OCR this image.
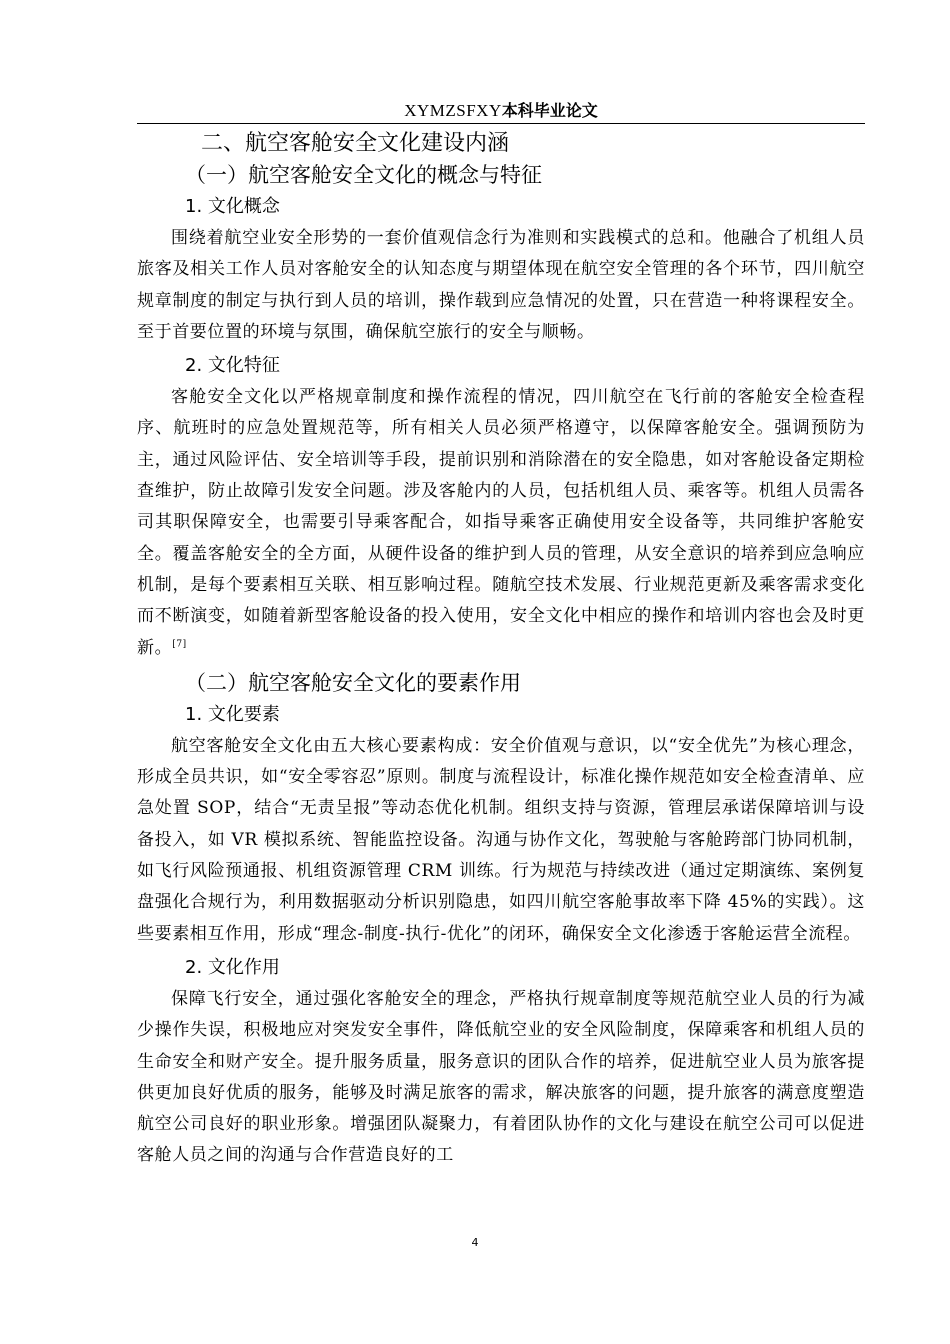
XYMZSFXY本科毕业论文
二、航空客舱安全文化建设内涵
（一）航空客舱安全文化的概念与特征
1. 文化概念

围绕着航空业安全形势的一套价值观信念行为准则和实践模式的总和。他融合了机组人员旅客及相关工作人员对客舱安全的认知态度与期望体现在航空安全管理的各个环节，四川航空规章制度的制定与执行到人员的培训，操作载到应急情况的处置，只在营造一种将课程安全。至于首要位置的环境与氛围，确保航空旅行的安全与顺畅。

2. 文化特征

客舱安全文化以严格规章制度和操作流程的情况，四川航空在飞行前的客舱安全检查程序、航班时的应急处置规范等，所有相关人员必须严格遵守，以保障客舱安全。强调预防为主，通过风险评估、安全培训等手段，提前识别和消除潜在的安全隐患，如对客舱设备定期检查维护，防止故障引发安全问题。涉及客舱内的人员，包括机组人员、乘客等。机组人员需各司其职保障安全，也需要引导乘客配合，如指导乘客正确使用安全设备等，共同维护客舱安全。覆盖客舱安全的全方面，从硬件设备的维护到人员的管理，从安全意识的培养到应急响应机制，是每个要素相互关联、相互影响过程。随航空技术发展、行业规范更新及乘客需求变化而不断演变，如随着新型客舱设备的投入使用，安全文化中相应的操作和培训内容也会及时更新。[7]

（二）航空客舱安全文化的要素作用
1. 文化要素

航空客舱安全文化由五大核心要素构成：安全价值观与意识，以“安全优先”为核心理念，形成全员共识，如“安全零容忍”原则。制度与流程设计，标准化操作规范如安全检查清单、应急处置 SOP，结合“无责呈报”等动态优化机制。组织支持与资源，管理层承诺保障培训与设备投入，如 VR 模拟系统、智能监控设备。沟通与协作文化，驾驶舱与客舱跨部门协同机制，如飞行风险预通报、机组资源管理 CRM 训练。行为规范与持续改进（通过定期演练、案例复盘强化合规行为，利用数据驱动分析识别隐患，如四川航空客舱事故率下降 45%的实践）。这些要素相互作用，形成“理念-制度-执行-优化”的闭环，确保安全文化渗透于客舱运营全流程。

2. 文化作用

保障飞行安全，通过强化客舱安全的理念，严格执行规章制度等规范航空业人员的行为减少操作失误，积极地应对突发安全事件，降低航空业的安全风险制度，保障乘客和机组人员的生命安全和财产安全。提升服务质量，服务意识的团队合作的培养，促进航空业人员为旅客提供更加良好优质的服务，能够及时满足旅客的需求，解决旅客的问题，提升旅客的满意度塑造航空公司良好的职业形象。增强团队凝聚力，有着团队协作的文化与建设在航空公司可以促进客舱人员之间的沟通与合作营造良好的工

4
